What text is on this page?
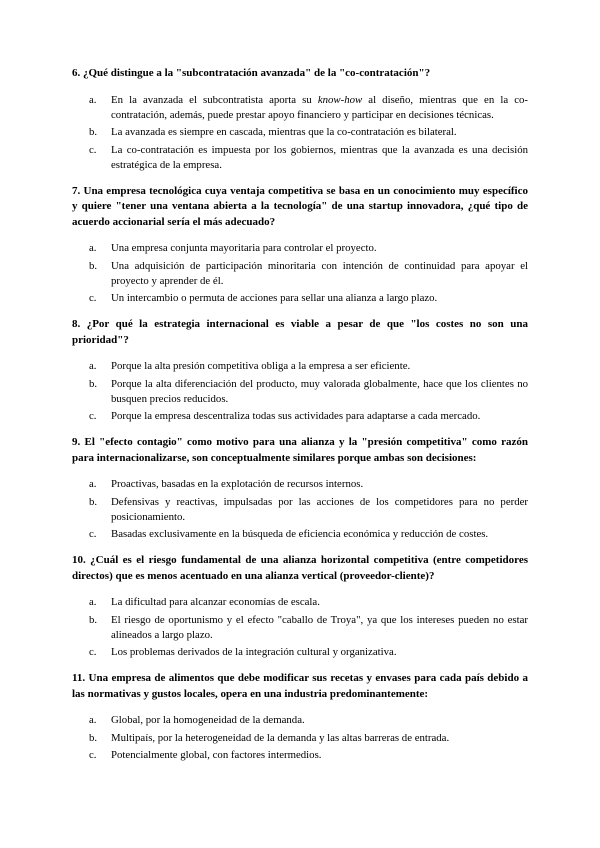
6. ¿Qué distingue a la "subcontratación avanzada" de la "co-contratación"?

a.	En la avanzada el subcontratista aporta su know-how al diseño, mientras que en la co-contratación, además, puede prestar apoyo financiero y participar en decisiones técnicas.
b.	La avanzada es siempre en cascada, mientras que la co-contratación es bilateral.
c.	La co-contratación es impuesta por los gobiernos, mientras que la avanzada es una decisión estratégica de la empresa.

7. Una empresa tecnológica cuya ventaja competitiva se basa en un conocimiento muy específico y quiere "tener una ventana abierta a la tecnología" de una startup innovadora, ¿qué tipo de acuerdo accionarial sería el más adecuado?

a.	Una empresa conjunta mayoritaria para controlar el proyecto.
b.	Una adquisición de participación minoritaria con intención de continuidad para apoyar el proyecto y aprender de él.
c.	Un intercambio o permuta de acciones para sellar una alianza a largo plazo.

8. ¿Por qué la estrategia internacional es viable a pesar de que "los costes no son una prioridad"?

a.	Porque la alta presión competitiva obliga a la empresa a ser eficiente.
b.	Porque la alta diferenciación del producto, muy valorada globalmente, hace que los clientes no busquen precios reducidos.
c.	Porque la empresa descentraliza todas sus actividades para adaptarse a cada mercado.

9. El "efecto contagio" como motivo para una alianza y la "presión competitiva" como razón para internacionalizarse, son conceptualmente similares porque ambas son decisiones:

a.	Proactivas, basadas en la explotación de recursos internos.
b.	Defensivas y reactivas, impulsadas por las acciones de los competidores para no perder posicionamiento.
c.	Basadas exclusivamente en la búsqueda de eficiencia económica y reducción de costes.

10. ¿Cuál es el riesgo fundamental de una alianza horizontal competitiva (entre competidores directos) que es menos acentuado en una alianza vertical (proveedor-cliente)?

a.	La dificultad para alcanzar economías de escala.
b.	El riesgo de oportunismo y el efecto "caballo de Troya", ya que los intereses pueden no estar alineados a largo plazo.
c.	Los problemas derivados de la integración cultural y organizativa.

11. Una empresa de alimentos que debe modificar sus recetas y envases para cada país debido a las normativas y gustos locales, opera en una industria predominantemente:

a.	Global, por la homogeneidad de la demanda.
b.	Multipaís, por la heterogeneidad de la demanda y las altas barreras de entrada.
c.	Potencialmente global, con factores intermedios.
